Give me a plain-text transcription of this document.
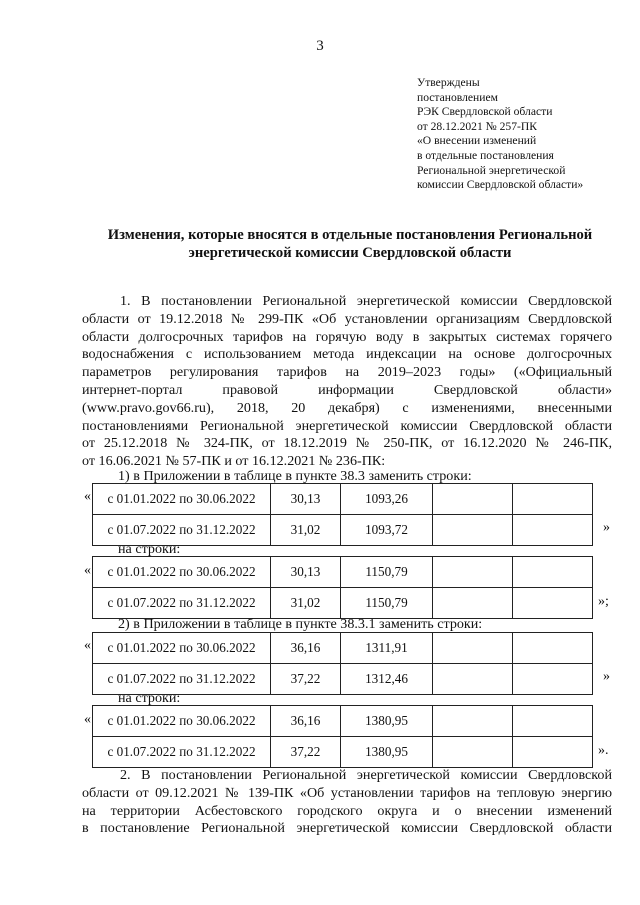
3
Утверждены
постановлением
РЭК Свердловской области
от 28.12.2021 № 257-ПК
«О внесении изменений
в отдельные постановления
Региональной энергетической
комиссии Свердловской области»
Изменения, которые вносятся в отдельные постановления Региональной
энергетической комиссии Свердловской области
1. В постановлении Региональной энергетической комиссии Свердловской
области от 19.12.2018 № 299-ПК «Об установлении организациям Свердловской
области долгосрочных тарифов на горячую воду в закрытых системах горячего
водоснабжения с использованием метода индексации на основе долгосрочных
параметров регулирования тарифов на 2019–2023 годы» («Официальный
интернет-портал правовой информации Свердловской области»
(www.pravo.gov66.ru), 2018, 20 декабря) с изменениями, внесенными
постановлениями Региональной энергетической комиссии Свердловской области
от 25.12.2018 № 324-ПК, от 18.12.2019 № 250-ПК, от 16.12.2020 № 246-ПК,
от 16.06.2021 № 57-ПК и от 16.12.2021 № 236-ПК:
1) в Приложении в таблице в пункте 38.3 заменить строки:
« с 01.01.2022 по 30.06.2022	30,13	1093,26		
с 01.07.2022 по 31.12.2022	31,02	1093,72			»
на строки:
« с 01.01.2022 по 30.06.2022	30,13	1150,79		
с 01.07.2022 по 31.12.2022	31,02	1150,79			»;
2) в Приложении в таблице в пункте 38.3.1 заменить строки:
« с 01.01.2022 по 30.06.2022	36,16	1311,91		
с 01.07.2022 по 31.12.2022	37,22	1312,46			»
на строки:
« с 01.01.2022 по 30.06.2022	36,16	1380,95		
с 01.07.2022 по 31.12.2022	37,22	1380,95			».
2. В постановлении Региональной энергетической комиссии Свердловской
области от 09.12.2021 № 139-ПК «Об установлении тарифов на тепловую энергию
на территории Асбестовского городского округа и о внесении изменений
в постановление Региональной энергетической комиссии Свердловской области
